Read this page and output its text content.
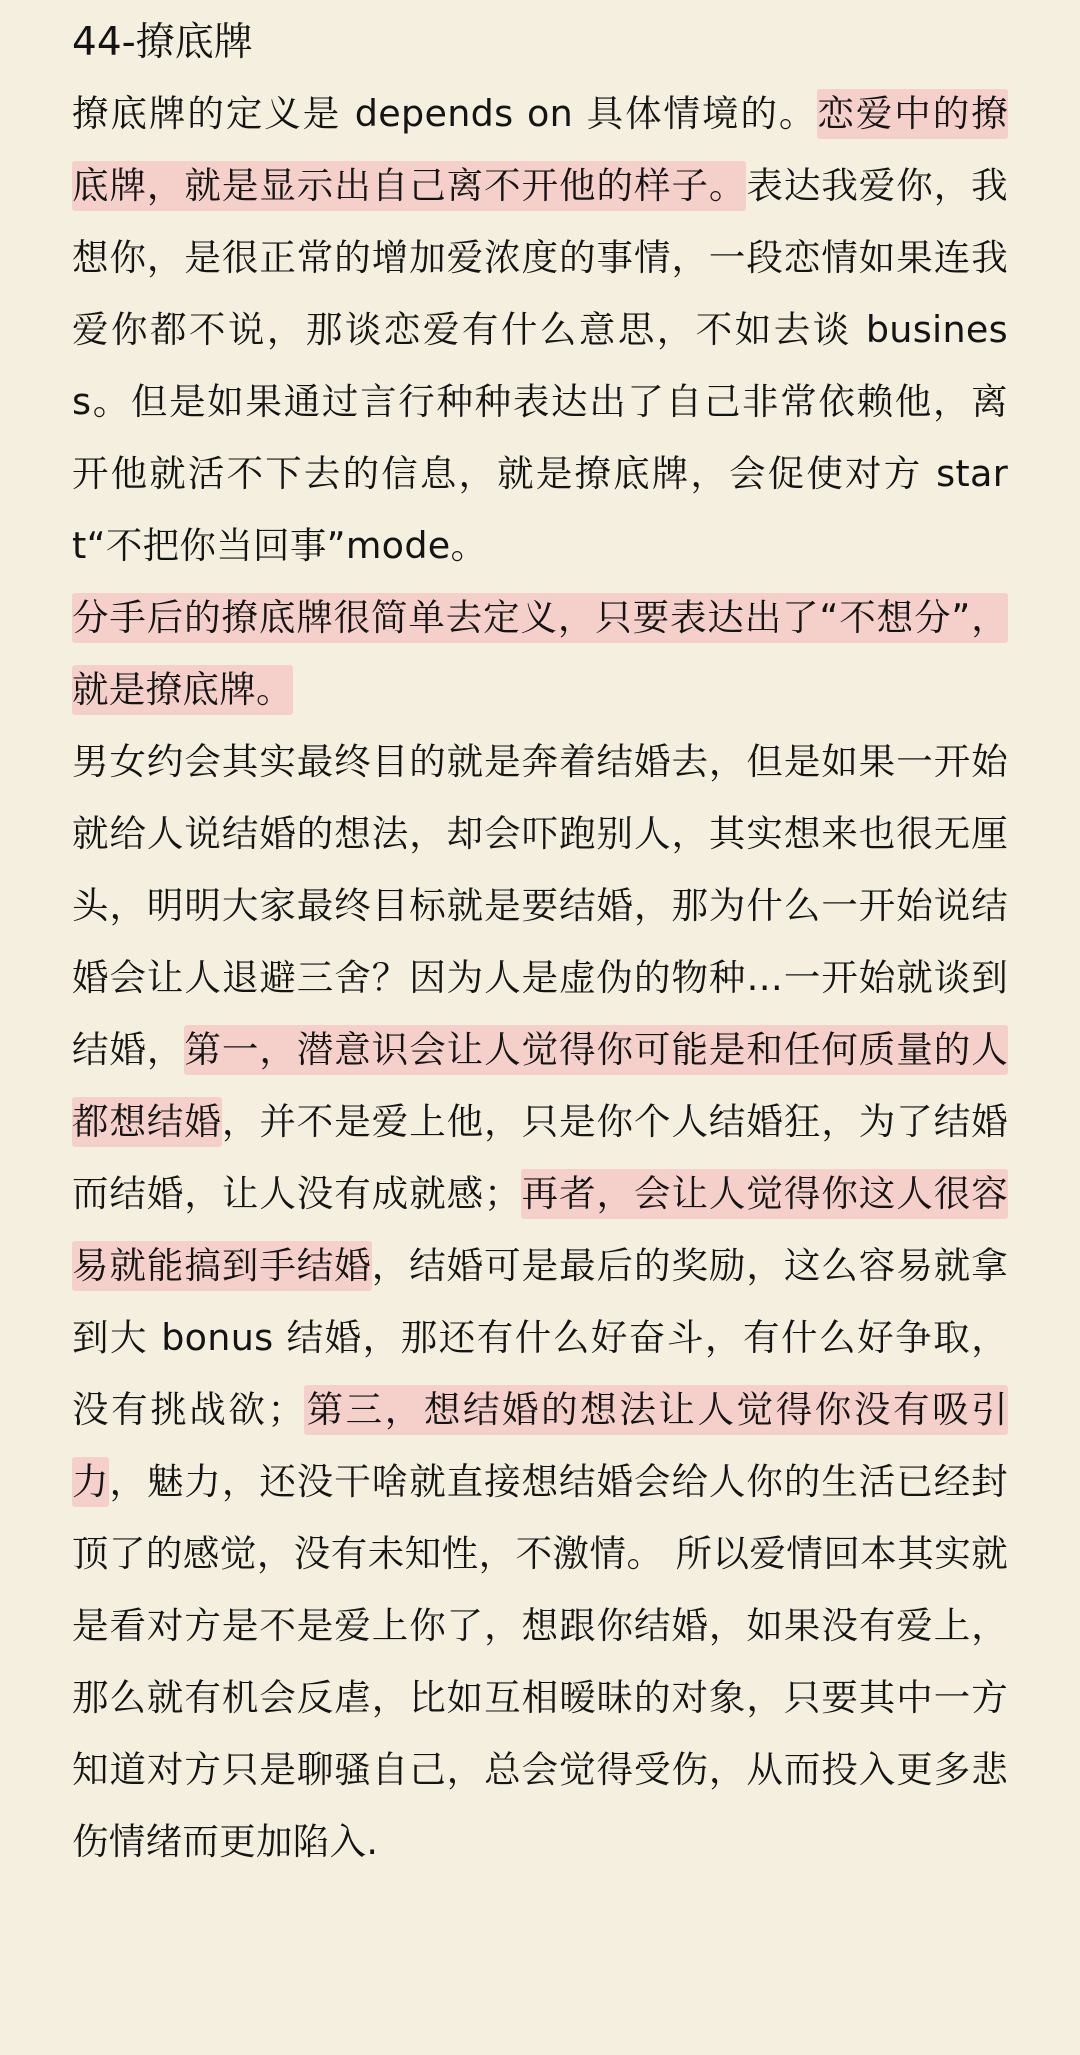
44-撩底牌

撩底牌的定义是 depends on 具体情境的。恋爱中的撩底牌，就是显示出自己离不开他的样子。表达我爱你，我想你，是很正常的增加爱浓度的事情，一段恋情如果连我爱你都不说，那谈恋爱有什么意思，不如去谈 business。但是如果通过言行种种表达出了自己非常依赖他，离开他就活不下去的信息，就是撩底牌，会促使对方 start“不把你当回事”mode。

分手后的撩底牌很简单去定义，只要表达出了“不想分”，就是撩底牌。

男女约会其实最终目的就是奔着结婚去，但是如果一开始就给人说结婚的想法，却会吓跑别人，其实想来也很无厘头，明明大家最终目标就是要结婚，那为什么一开始说结婚会让人退避三舍？因为人是虚伪的物种…一开始就谈到结婚，第一，潜意识会让人觉得你可能是和任何质量的人都想结婚，并不是爱上他，只是你个人结婚狂，为了结婚而结婚，让人没有成就感；再者，会让人觉得你这人很容易就能搞到手结婚，结婚可是最后的奖励，这么容易就拿到大 bonus 结婚，那还有什么好奋斗，有什么好争取，没有挑战欲；第三，想结婚的想法让人觉得你没有吸引力，魅力，还没干啥就直接想结婚会给人你的生活已经封顶了的感觉，没有未知性，不激情。 所以爱情回本其实就是看对方是不是爱上你了，想跟你结婚，如果没有爱上，那么就有机会反虐，比如互相暧昧的对象，只要其中一方知道对方只是聊骚自己，总会觉得受伤，从而投入更多悲伤情绪而更加陷入.
